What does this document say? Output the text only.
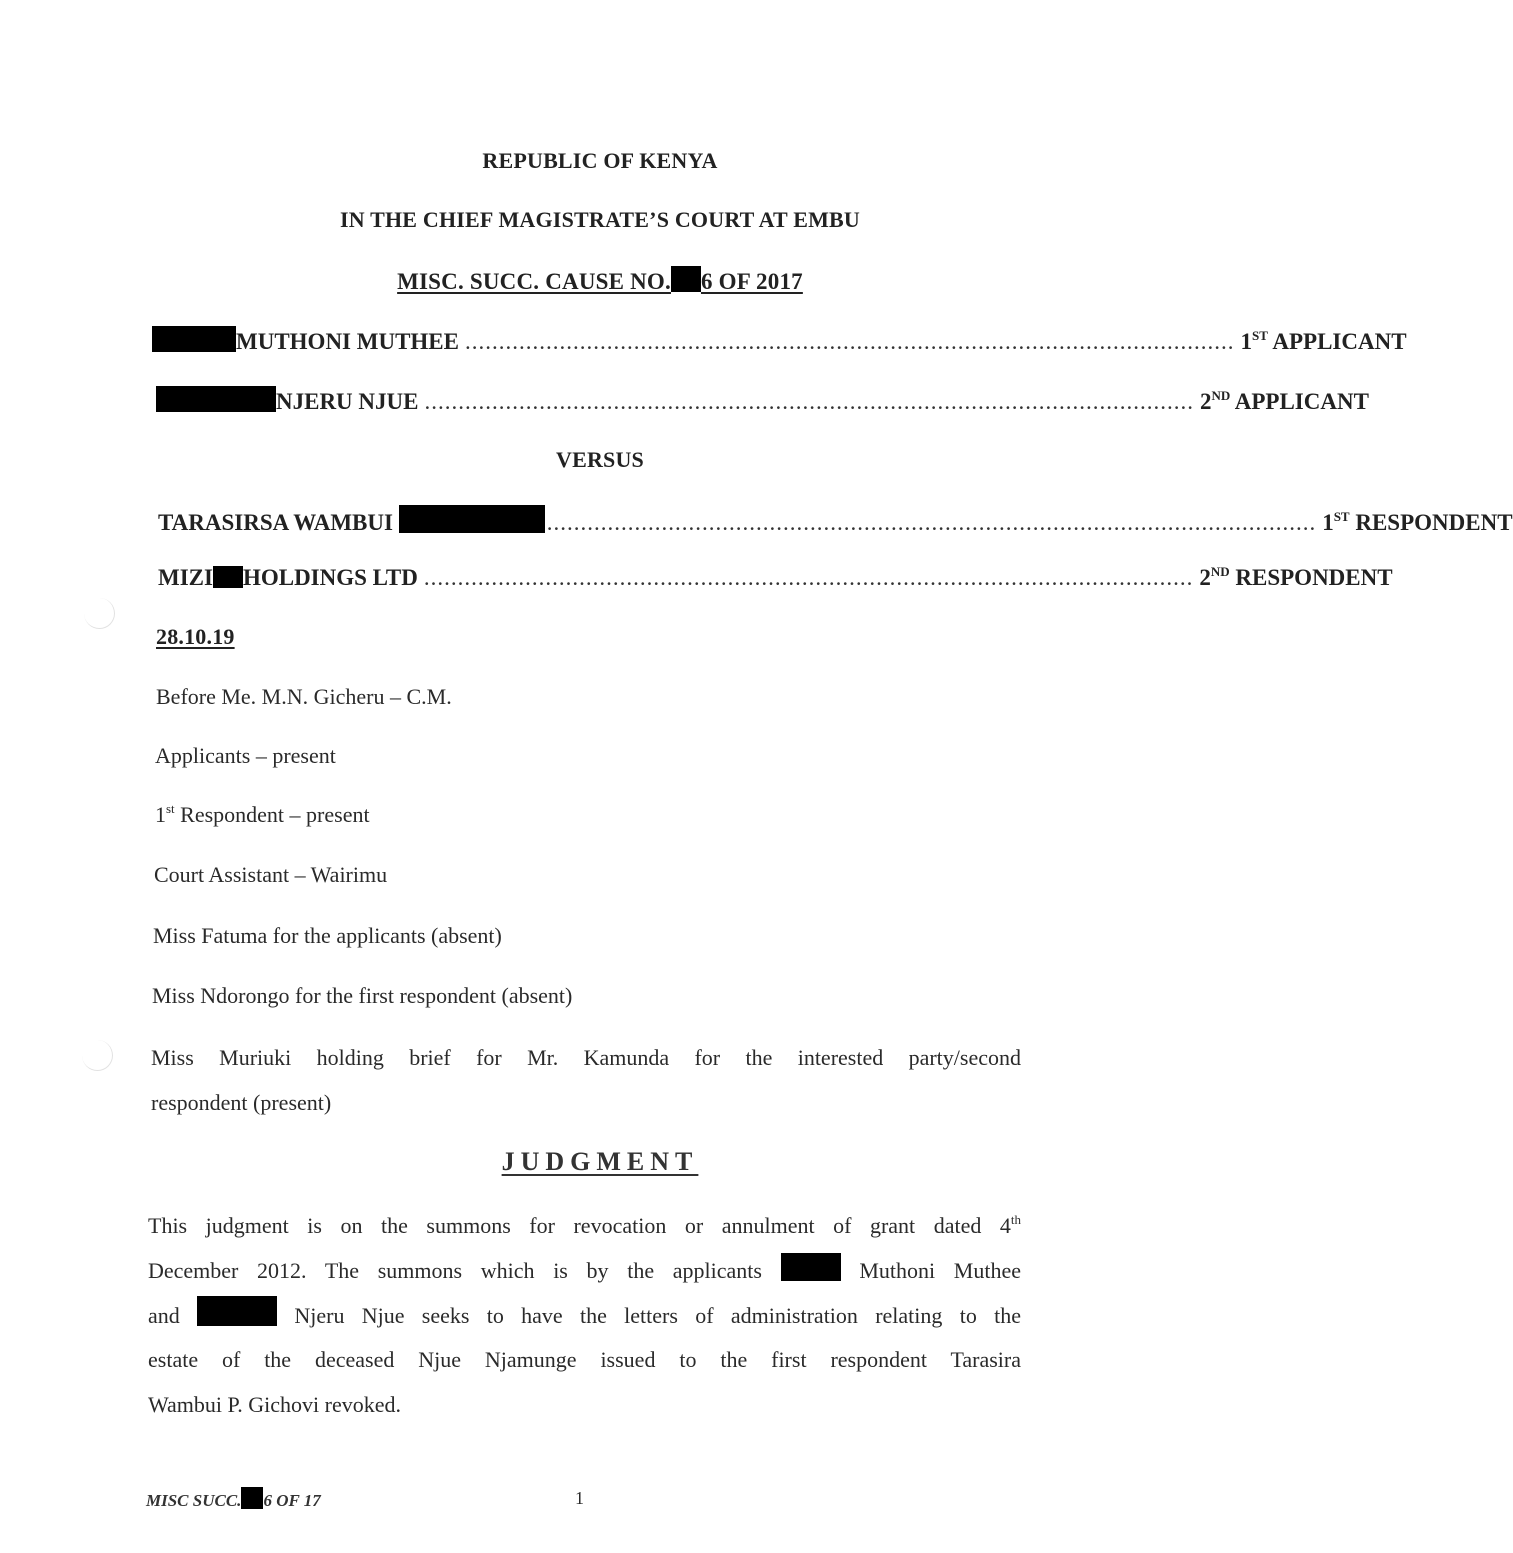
REPUBLIC OF KENYA
IN THE CHIEF MAGISTRATE’S COURT AT EMBU
MISC. SUCC. CAUSE NO. 6 OF 2017
MUTHONI MUTHEE .................................................................................................................. 1ST APPLICANT
NJERU NJUE .................................................................................................................. 2ND APPLICANT
VERSUS
TARASIRSA WAMBUI	.................................................................................................................. 1ST RESPONDENT
MIZI HOLDINGS LTD .................................................................................................................. 2ND RESPONDENT
28.10.19
Before Me. M.N. Gicheru – C.M.
Applicants – present
1st Respondent – present
Court Assistant – Wairimu
Miss Fatuma for the applicants (absent)
Miss Ndorongo for the first respondent (absent)
Miss Muriuki holding brief for Mr. Kamunda for the interested party/second
respondent (present)
JUDGMENT
This judgment is on the summons for revocation or annulment of grant dated 4th
December 2012. The summons which is by the applicants	Muthoni Muthee
and	Njeru Njue seeks to have the letters of administration relating to the
estate of the deceased Njue Njamunge issued to the first respondent Tarasira
Wambui P. Gichovi revoked.
MISC SUCC. 6 OF 17	1
